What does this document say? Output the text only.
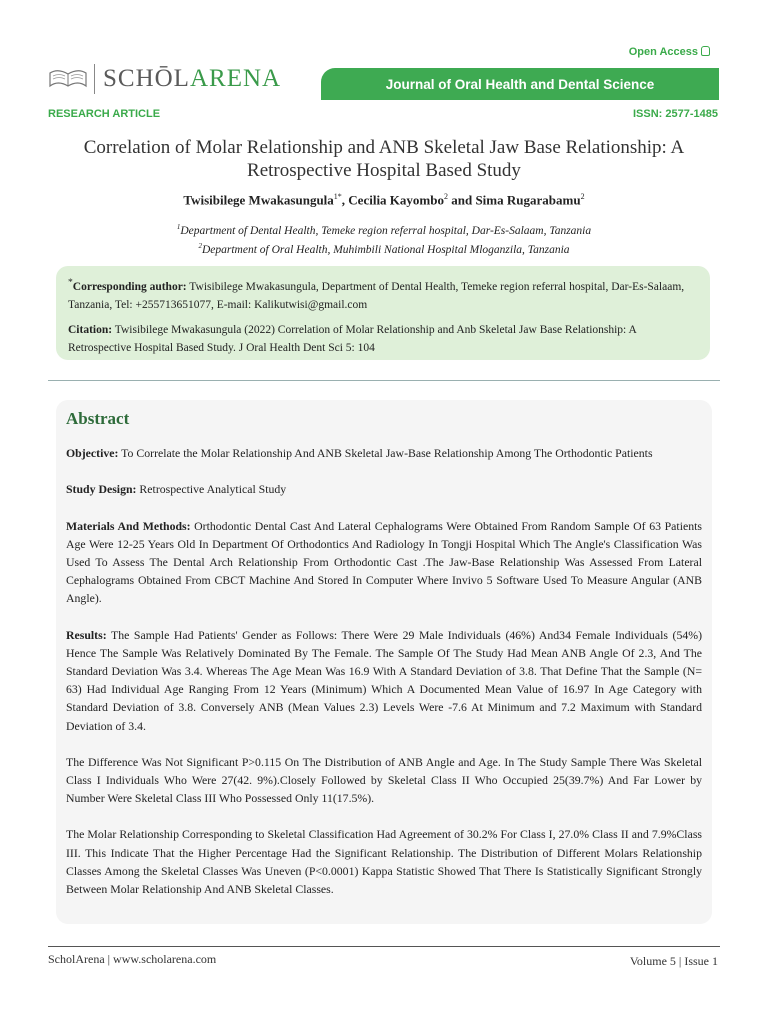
Open Access
SCHŌLARENA	Journal of Oral Health and Dental Science
RESEARCH ARTICLE	ISSN: 2577-1485
Correlation of Molar Relationship and ANB Skeletal Jaw Base Relationship: A
Retrospective Hospital Based Study
Twisibilege Mwakasungula$^{1*}$, Cecilia Kayombo$^2$ and Sima Rugarabamu$^2$
$^1$Department of Dental Health, Temeke region referral hospital, Dar-Es-Salaam, Tanzania
$^2$Department of Oral Health, Muhimbili National Hospital Mloganzila, Tanzania

*Corresponding author: Twisibilege Mwakasungula, Department of Dental Health, Temeke region referral hospital, Dar-Es-Salaam, Tanzania, Tel: +255713651077, E-mail: Kalikutwisi@gmail.com

Citation: Twisibilege Mwakasungula (2022) Correlation of Molar Relationship and Anb Skeletal Jaw Base Relationship: A Retrospective Hospital Based Study. J Oral Health Dent Sci 5: 104

Abstract

Objective: To Correlate the Molar Relationship And ANB Skeletal Jaw-Base Relationship Among The Orthodontic Patients

Study Design: Retrospective Analytical Study

Materials And Methods: Orthodontic Dental Cast And Lateral Cephalograms Were Obtained From Random Sample Of 63 Patients Age Were 12-25 Years Old In Department Of Orthodontics And Radiology In Tongji Hospital Which The Angle's Classification Was Used To Assess The Dental Arch Relationship From Orthodontic Cast .The Jaw-Base Relationship Was Assessed From Lateral Cephalograms Obtained From CBCT Machine And Stored In Computer Where Invivo 5 Software Used To Measure Angular (ANB Angle).

Results: The Sample Had Patients' Gender as Follows: There Were 29 Male Individuals (46%) And34 Female Individuals (54%) Hence The Sample Was Relatively Dominated By The Female. The Sample Of The Study Had Mean ANB Angle Of 2.3, And The Standard Deviation Was 3.4. Whereas The Age Mean Was 16.9 With A Standard Deviation of 3.8. That Define That the Sample (N= 63) Had Individual Age Ranging From 12 Years (Minimum) Which A Documented Mean Value of 16.97 In Age Category with Standard Deviation of 3.8. Conversely ANB (Mean Values 2.3) Levels Were -7.6 At Minimum and 7.2 Maximum with Standard Deviation of 3.4.

The Difference Was Not Significant P>0.115 On The Distribution of ANB Angle and Age. In The Study Sample There Was Skeletal Class I Individuals Who Were 27(42. 9%).Closely Followed by Skeletal Class II Who Occupied 25(39.7%) And Far Lower by Number Were Skeletal Class III Who Possessed Only 11(17.5%).

The Molar Relationship Corresponding to Skeletal Classification Had Agreement of 30.2% For Class I, 27.0% Class II and 7.9%Class III. This Indicate That the Higher Percentage Had the Significant Relationship. The Distribution of Different Molars Relationship Classes Among the Skeletal Classes Was Uneven (P<0.0001) Kappa Statistic Showed That There Is Statistically Significant Strongly Between Molar Relationship And ANB Skeletal Classes.

ScholArena | www.scholarena.com	Volume 5 | Issue 1
